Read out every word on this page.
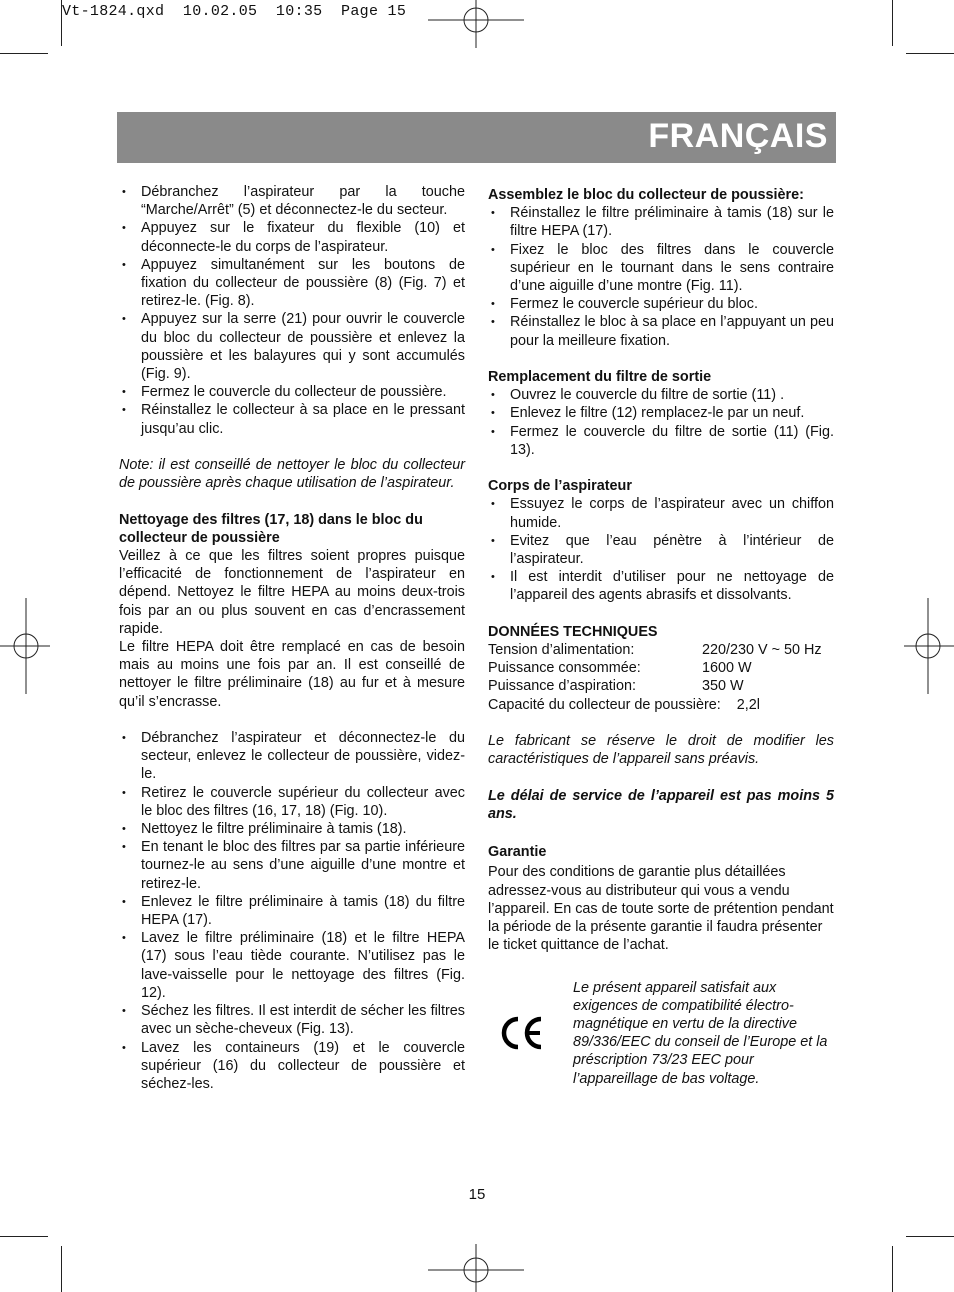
Vt-1824.qxd  10.02.05  10:35  Page 15
FRANÇAIS
• Débranchez l’aspirateur par la touche “Marche/Arrêt” (5) et déconnectez-le du secteur.
• Appuyez sur le fixateur du flexible (10) et déconnecte-le du corps de l’aspirateur.
• Appuyez simultanément sur les boutons de fixation du collecteur de poussière (8) (Fig. 7) et retirez-le. (Fig. 8).
• Appuyez sur la serre (21) pour ouvrir le couvercle du bloc du collecteur de poussière et enlevez la poussière et les balayures qui y sont accumulés (Fig. 9).
• Fermez le couvercle du collecteur de poussière.
• Réinstallez le collecteur à sa place en le pressant jusqu’au clic.

Note: il est conseillé de nettoyer le bloc du collecteur de poussière après chaque utilisation de l’aspirateur.

Nettoyage des filtres (17, 18) dans le bloc du collecteur de poussière

Veillez à ce que les filtres soient propres puisque l’efficacité de fonctionnement de l’aspirateur en dépend. Nettoyez le filtre HEPA au moins deux-trois fois par an ou plus souvent en cas d’encrassement rapide.

Le filtre HEPA doit être remplacé en cas de besoin mais au moins une fois par an. Il est conseillé de nettoyer le filtre préliminaire (18) au fur et à mesure qu’il s’encrasse.

• Débranchez l’aspirateur et déconnectez-le du secteur, enlevez le collecteur de poussière, videz-le.
• Retirez le couvercle supérieur du collecteur avec le bloc des filtres (16, 17, 18) (Fig. 10).
• Nettoyez le filtre préliminaire à tamis (18).
• En tenant le bloc des filtres par sa partie inférieure tournez-le au sens d’une aiguille d’une montre et retirez-le.
• Enlevez le filtre préliminaire à tamis (18) du filtre HEPA (17).
• Lavez le filtre préliminaire (18) et le filtre HEPA (17) sous l’eau tiède courante. N’utilisez pas le lave-vaisselle pour le nettoyage des filtres (Fig. 12).
• Séchez les filtres. Il est interdit de sécher les filtres avec un sèche-cheveux (Fig. 13).
• Lavez les containeurs (19) et le couvercle supérieur (16) du collecteur de poussière et séchez-les.

Assemblez le bloc du collecteur de poussière:

• Réinstallez le filtre préliminaire à tamis (18) sur le filtre HEPA (17).
• Fixez le bloc des filtres dans le couvercle supérieur en le tournant dans le sens contraire d’une aiguille d’une montre (Fig. 11).
• Fermez le couvercle supérieur du bloc.
• Réinstallez le bloc à sa place en l’appuyant un peu pour la meilleure fixation.

Remplacement du filtre de sortie

• Ouvrez le couvercle du filtre de sortie (11) .
• Enlevez le filtre (12) remplacez-le par un neuf.
• Fermez le couvercle du filtre de sortie (11) (Fig. 13).

Corps de l’aspirateur

• Essuyez le corps de l’aspirateur avec un chiffon humide.
• Evitez que l’eau pénètre à l’intérieur de l’aspirateur.
• Il est interdit d’utiliser pour ne nettoyage de l’appareil des agents abrasifs et dissolvants.

DONNÉES TECHNIQUES

Tension d’alimentation:	220/230 V ~ 50 Hz
Puissance consommée:	1600 W
Puissance d’aspiration:	350 W

Capacité du collecteur de poussière:    2,2l

Le fabricant se réserve le droit de modifier les caractéristiques de l’appareil sans préavis.

Le délai de service de l’appareil est pas moins 5 ans.

Garantie

Pour des conditions de garantie plus détaillées adressez-vous au distributeur qui vous a vendu l’appareil. En cas de toute sorte de prétention pendant la période de la présente garantie il faudra présenter le ticket quittance de l’achat.

Le présent appareil satisfait aux exigences de compatibilité électro-magnétique en vertu de la directive 89/336/EEC du conseil de l’Europe et la préscription 73/23 EEC pour l’appareillage de bas voltage.

15
